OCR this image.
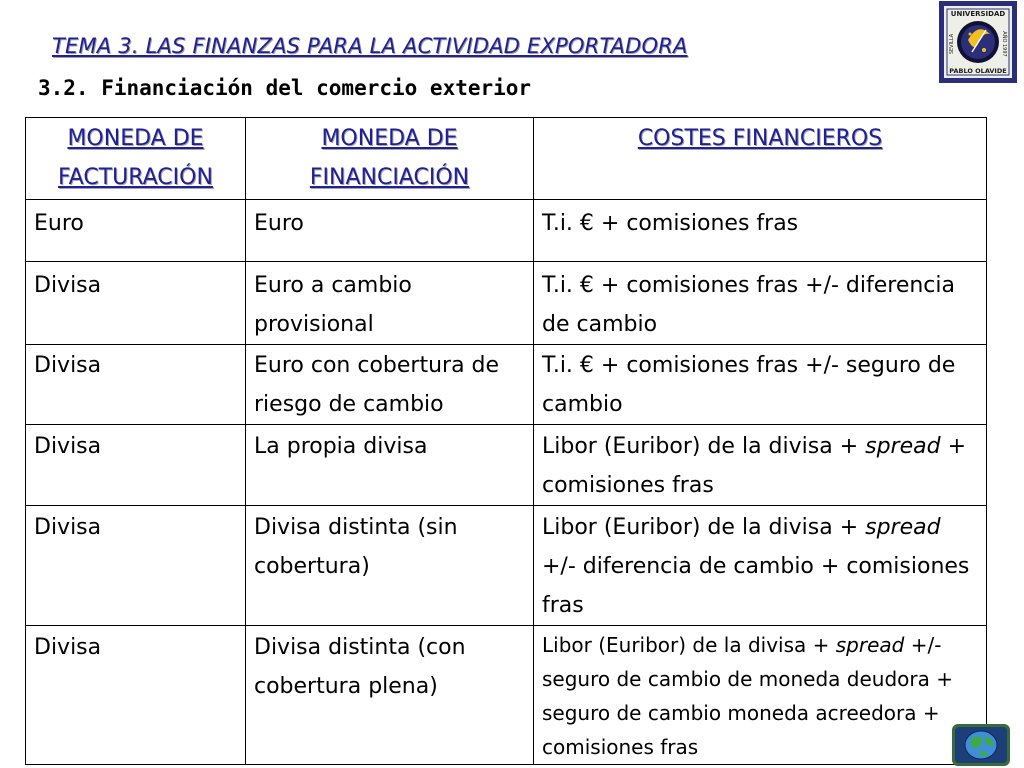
TEMA 3. LAS FINANZAS PARA LA ACTIVIDAD EXPORTADORA
3.2. Financiación del comercio exterior
UNIVERSIDAD
PABLO OLAVIDE
SEVILLA	AÑO 1997
MONEDA DE FACTURACIÓN	MONEDA DE FINANCIACIÓN	COSTES FINANCIEROS
Euro	Euro	T.i. € + comisiones fras
Divisa	Euro a cambio provisional	T.i. € + comisiones fras +/- diferencia de cambio
Divisa	Euro con cobertura de riesgo de cambio	T.i. € + comisiones fras +/- seguro de cambio
Divisa	La propia divisa	Libor (Euribor) de la divisa + spread + comisiones fras
Divisa	Divisa distinta (sin cobertura)	Libor (Euribor) de la divisa + spread +/- diferencia de cambio + comisiones fras
Divisa	Divisa distinta (con cobertura plena)	Libor (Euribor) de la divisa + spread +/- seguro de cambio de moneda deudora + seguro de cambio moneda acreedora + comisiones fras
